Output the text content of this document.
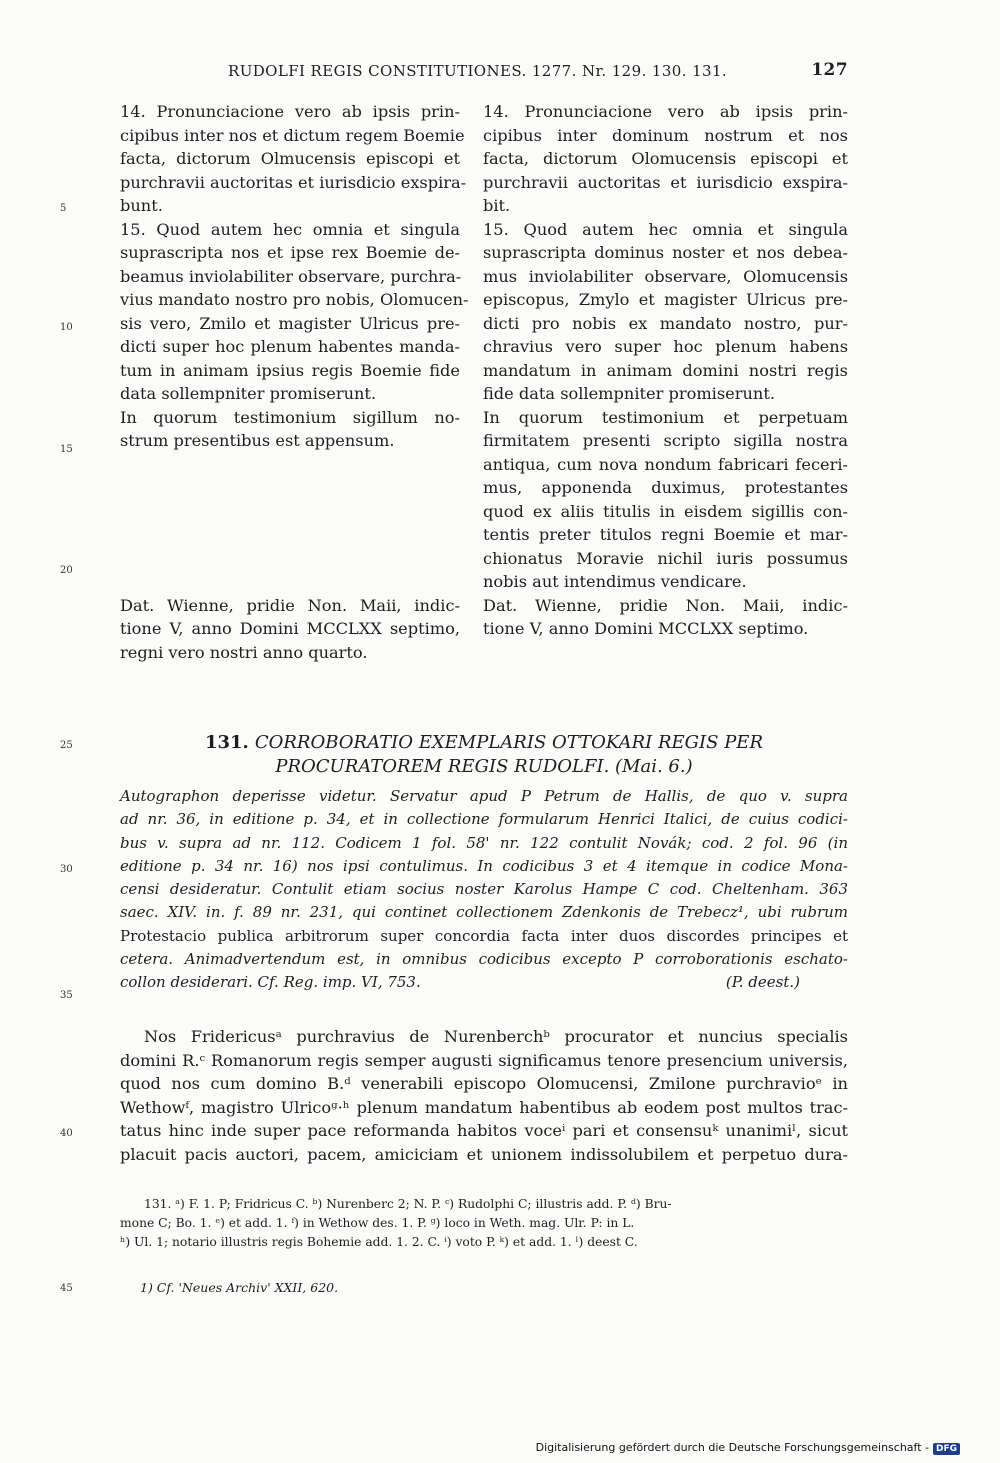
RUDOLFI REGIS CONSTITUTIONES. 1277. Nr. 129. 130. 131.	127
14. Pronunciacione vero ab ipsis prin-
cipibus inter nos et dictum regem Boemie
facta, dictorum Olmucensis episcopi et
purchravii auctoritas et iurisdicio exspira-
bunt.
15. Quod autem hec omnia et singula
suprascripta nos et ipse rex Boemie de-
beamus inviolabiliter observare, purchra-
vius mandato nostro pro nobis, Olomucen-
sis vero, Zmilo et magister Ulricus pre-
dicti super hoc plenum habentes manda-
tum in animam ipsius regis Boemie fide
data sollempniter promiserunt.
In quorum testimonium sigillum no-
strum presentibus est appensum.
Dat. Wienne, pridie Non. Maii, indic-
tione V, anno Domini MCCLXX septimo,
regni vero nostri anno quarto.
14. Pronunciacione vero ab ipsis prin-
cipibus inter dominum nostrum et nos
facta, dictorum Olomucensis episcopi et
purchravii auctoritas et iurisdicio exspira-
bit.
15. Quod autem hec omnia et singula
suprascripta dominus noster et nos debea-
mus inviolabiliter observare, Olomucensis
episcopus, Zmylo et magister Ulricus pre-
dicti pro nobis ex mandato nostro, pur-
chravius vero super hoc plenum habens
mandatum in animam domini nostri regis
fide data sollempniter promiserunt.
In quorum testimonium et perpetuam
firmitatem presenti scripto sigilla nostra
antiqua, cum nova nondum fabricari feceri-
mus, apponenda duximus, protestantes
quod ex aliis titulis in eisdem sigillis con-
tentis preter titulos regni Boemie et mar-
chionatus Moravie nichil iuris possumus
nobis aut intendimus vendicare.
Dat. Wienne, pridie Non. Maii, indic-
tione V, anno Domini MCCLXX septimo.
5
10
15
20
25
30
35
40
45
131. CORROBORATIO EXEMPLARIS OTTOKARI REGIS PER
PROCURATOREM REGIS RUDOLFI. (Mai. 6.)
Autographon deperisse videtur. Servatur apud P Petrum de Hallis, de quo v. supra
ad nr. 36, in editione p. 34, et in collectione formularum Henrici Italici, de cuius codici-
bus v. supra ad nr. 112. Codicem 1 fol. 58' nr. 122 contulit Novák; cod. 2 fol. 96 (in
editione p. 34 nr. 16) nos ipsi contulimus. In codicibus 3 et 4 itemque in codice Mona-
censi desideratur. Contulit etiam socius noster Karolus Hampe C cod. Cheltenham. 363
saec. XIV. in. f. 89 nr. 231, qui continet collectionem Zdenkonis de Trebecz¹, ubi rubrum
Protestacio publica arbitrorum super concordia facta inter duos discordes principes et
cetera. Animadvertendum est, in omnibus codicibus excepto P corroborationis eschato-
collon desiderari. Cf. Reg. imp. VI, 753.	(P. deest.)
Nos Fridericusᵃ purchravius de Nurenberchᵇ procurator et nuncius specialis
domini R.ᶜ Romanorum regis semper augusti significamus tenore presencium universis,
quod nos cum domino B.ᵈ venerabili episcopo Olomucensi, Zmilone purchravioᵉ in
Wethowᶠ, magistro Ulricoᵍ·ʰ plenum mandatum habentibus ab eodem post multos trac-
tatus hinc inde super pace reformanda habitos voceⁱ pari et consensuᵏ unanimiˡ, sicut
placuit pacis auctori, pacem, amiciciam et unionem indissolubilem et perpetuo dura-
131. ᵃ) F. 1. P; Fridricus C. ᵇ) Nurenberc 2; N. P. ᶜ) Rudolphi C; illustris add. P. ᵈ) Bru-
mone C; Bo. 1. ᵉ) et add. 1. ᶠ) in Wethow des. 1. P. ᵍ) loco in Weth. mag. Ulr. P: in L.
ʰ) Ul. 1; notario illustris regis Bohemie add. 1. 2. C. ⁱ) voto P. ᵏ) et add. 1. ˡ) deest C.
1) Cf. 'Neues Archiv' XXII, 620.
Digitalisierung gefördert durch die Deutsche Forschungsgemeinschaft - DFG
